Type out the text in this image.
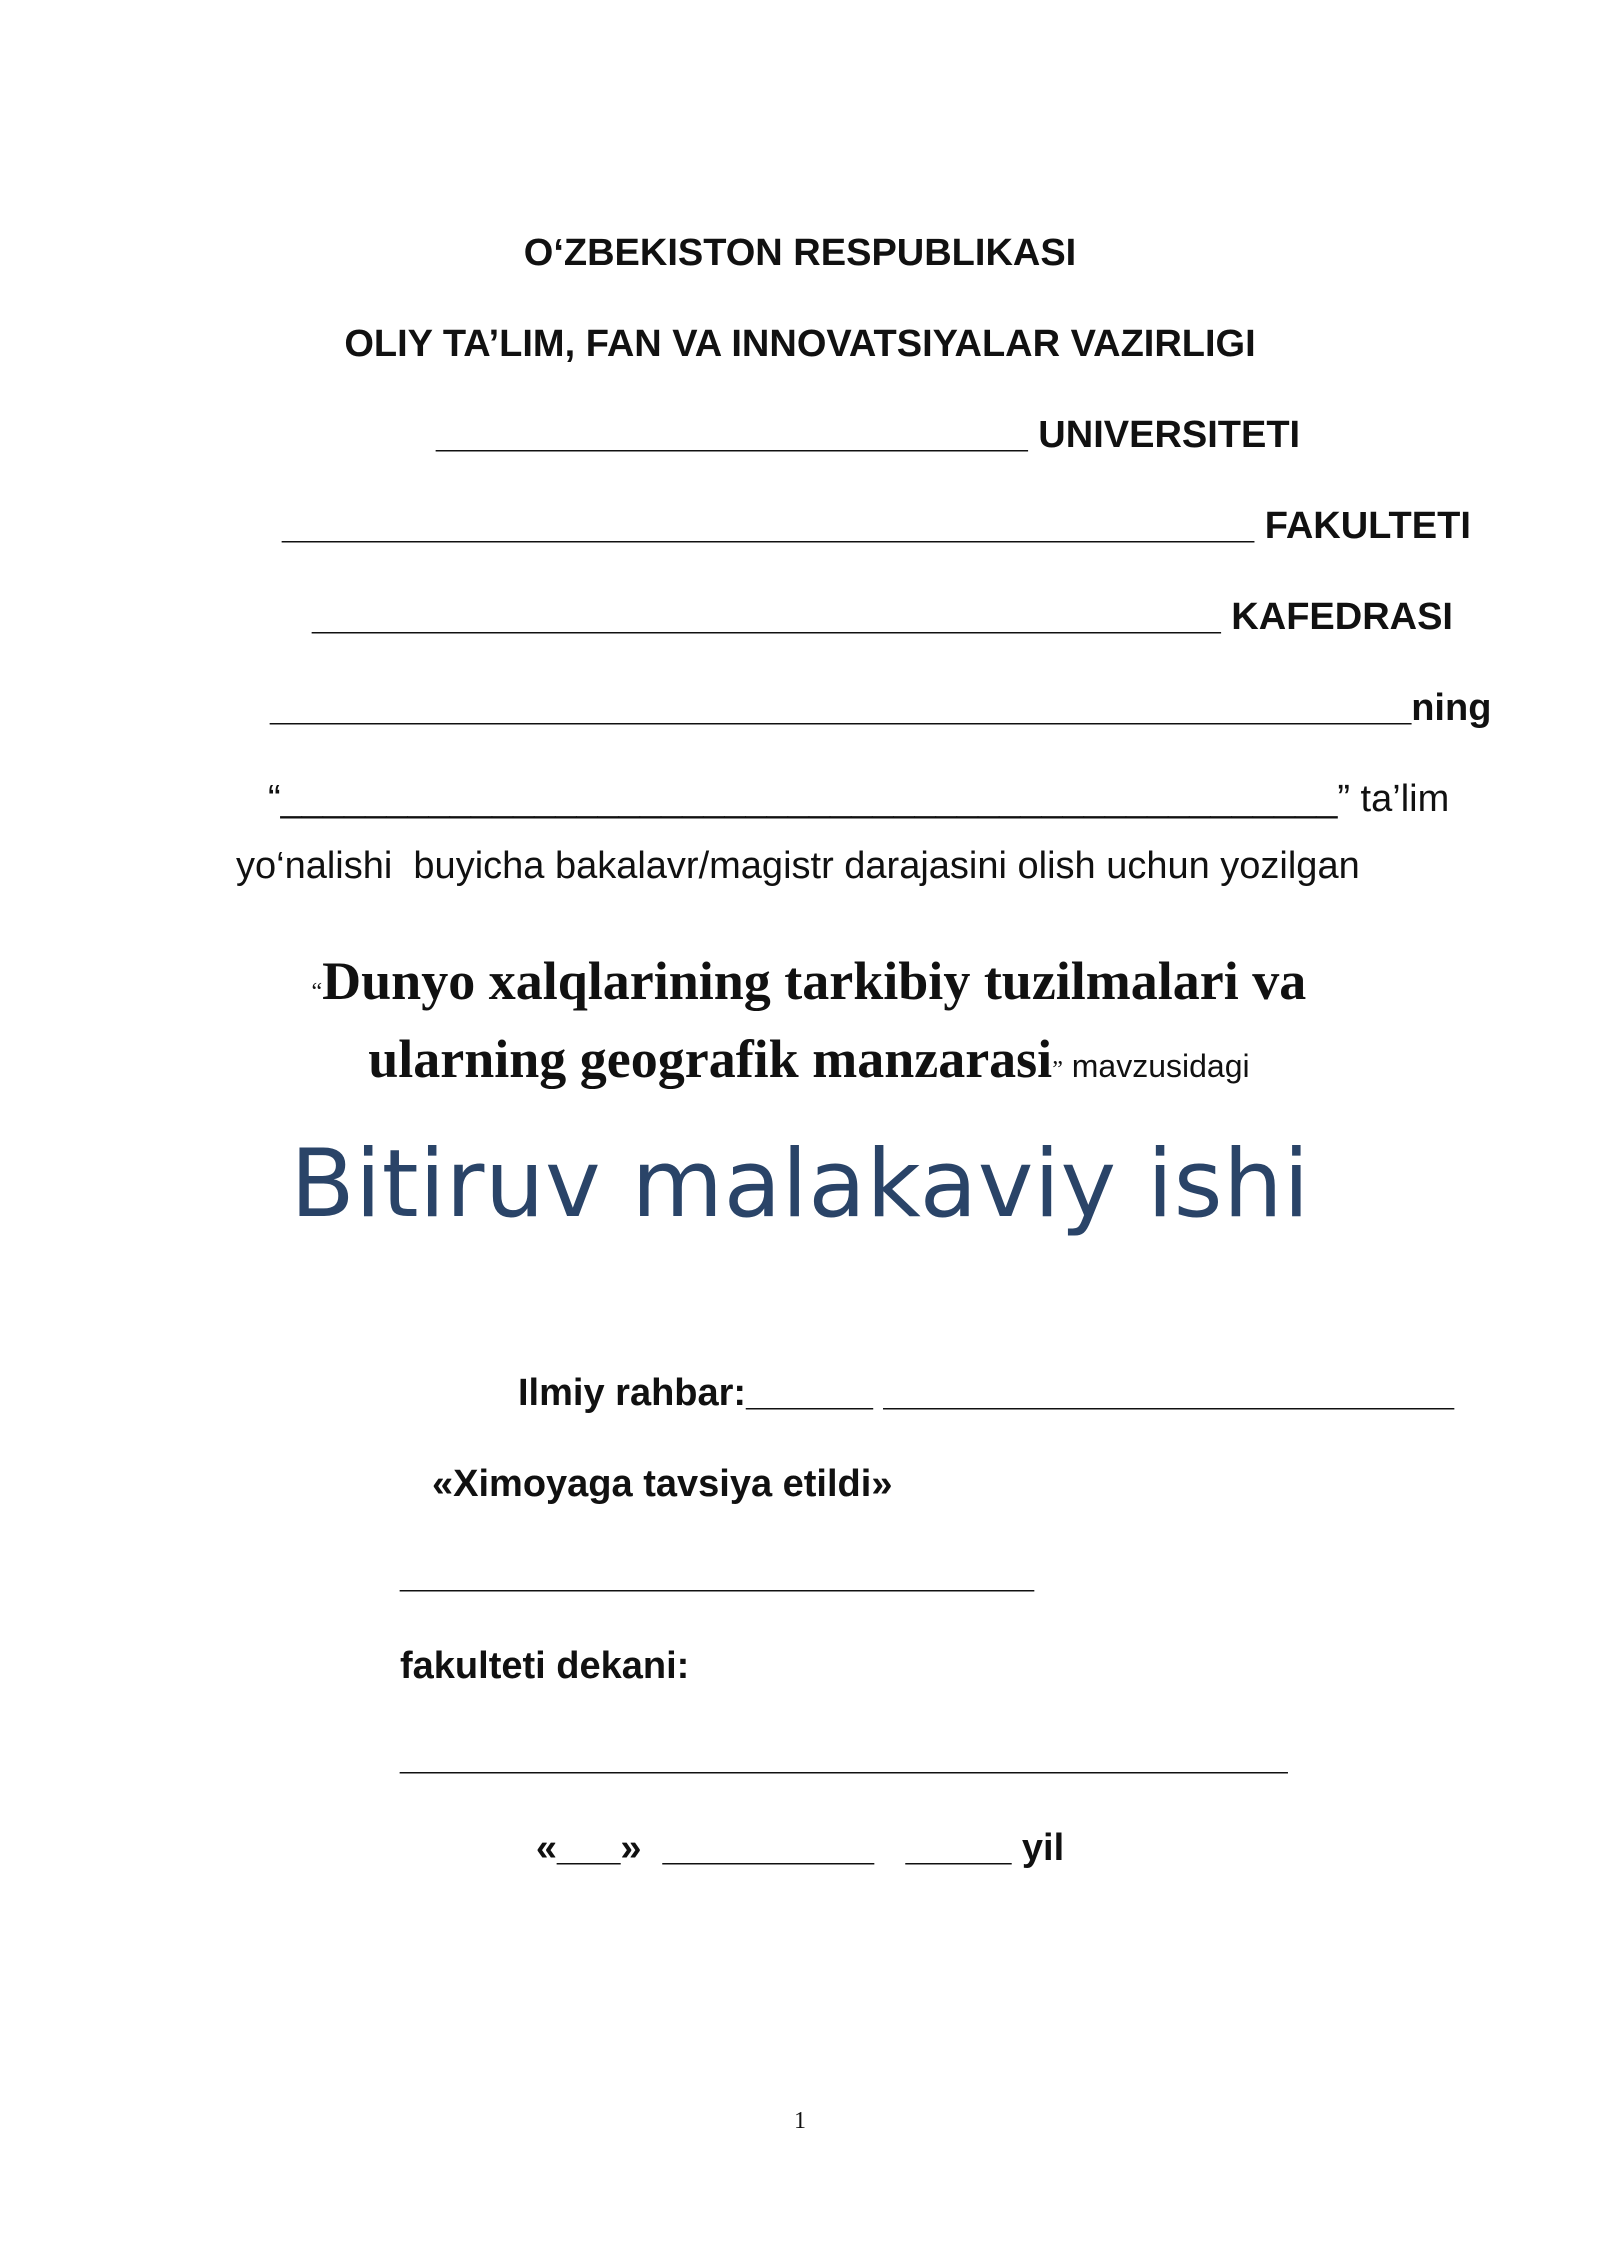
O‘ZBEKISTON RESPUBLIKASI
OLIY TA’LIM, FAN VA INNOVATSIYALAR VAZIRLIGI
____________________________ UNIVERSITETI
______________________________________________ FAKULTETI
___________________________________________ KAFEDRASI
______________________________________________________ning
“__________________________________________________” ta’lim
yo‘nalishi  buyicha bakalavr/magistr darajasini olish uchun yozilgan

“Dunyo xalqlarining tarkibiy tuzilmalari va

ularning geografik manzarasi” mavzusidagi

Bitiruv malakaviy ishi
Ilmiy rahbar:______ ___________________________
«Ximoyaga tavsiya etildi»
______________________________
fakulteti dekani:
__________________________________________
«___»  __________   _____ yil
1
